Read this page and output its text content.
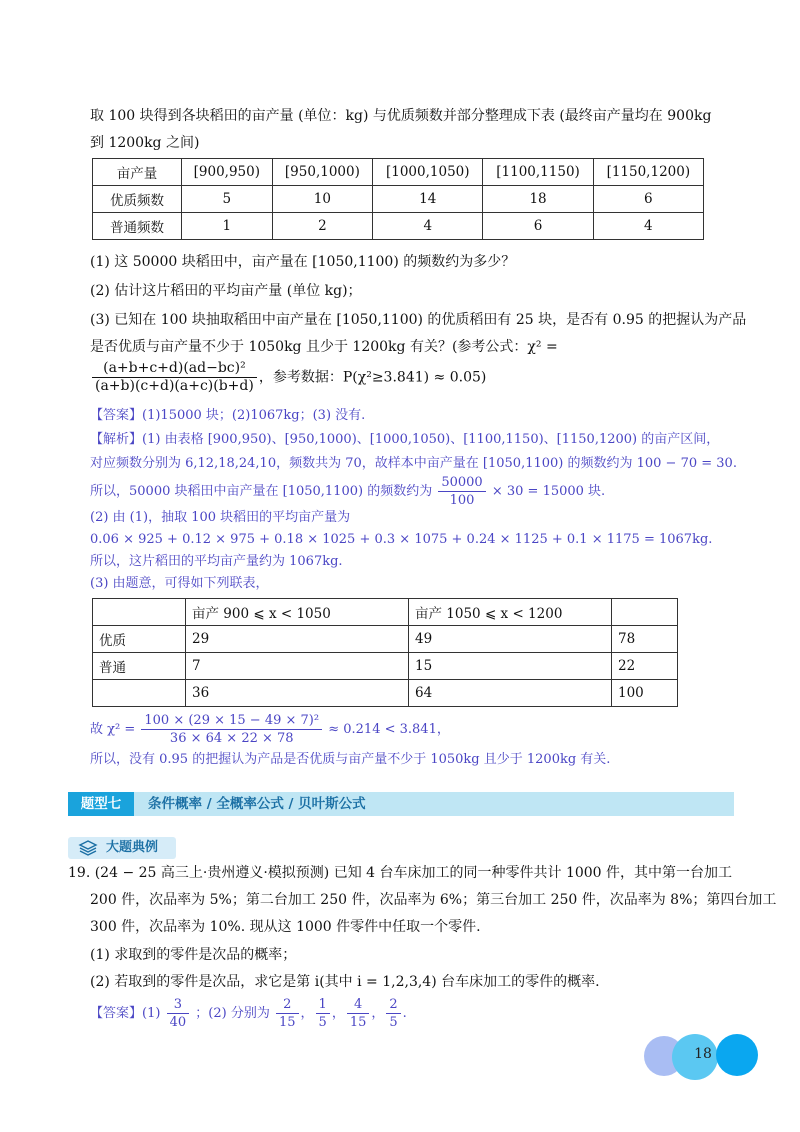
取 100 块得到各块稻田的亩产量 (单位：kg) 与优质频数并部分整理成下表 (最终亩产量均在 900kg
到 1200kg 之间)
亩产量	[900,950)	[950,1000)	[1000,1050)	[1100,1150)	[1150,1200)
优质频数	5	10	14	18	6
普通频数	1	2	4	6	4
(1) 这 50000 块稻田中，亩产量在 [1050,1100) 的频数约为多少？
(2) 估计这片稻田的平均亩产量 (单位 kg)；
(3) 已知在 100 块抽取稻田中亩产量在 [1050,1100) 的优质稻田有 25 块，是否有 0.95 的把握认为产品
是否优质与亩产量不少于 1050kg 且少于 1200kg 有关？(参考公式：χ² =
$\frac{\text{(a+b+c+d)(ad−bc)²}}{(a+b)(c+d)(a+c)(b+d)}$ ，参考数据：P(χ²≥3.841) ≈ 0.05)
【答案】(1)15000 块；(2)1067kg；(3) 没有.
【解析】(1) 由表格 [900,950)、[950,1000)、[1000,1050)、[1100,1150)、[1150,1200) 的亩产区间，
对应频数分别为 6,12,18,24,10，频数共为 70，故样本中亩产量在 [1050,1100) 的频数约为 100 − 70 = 30.
所以，50000 块稻田中亩产量在 [1050,1100) 的频数约为 $\frac{50000}{100} \times 30 = 15000$ 块.
(2) 由 (1)，抽取 100 块稻田的平均亩产量为
0.06 × 925 + 0.12 × 975 + 0.18 × 1025 + 0.3 × 1075 + 0.24 × 1125 + 0.1 × 1175 = 1067kg.
所以，这片稻田的平均亩产量约为 1067kg.
(3) 由题意，可得如下列联表，
	亩产 900 ⩽ x < 1050	亩产 1050 ⩽ x < 1200	
优质	29	49	78
普通	7	15	22
	36	64	100
故 $\chi^2 = \frac{\text{100 × (29 × 15 − 49 × 7)²}}{36 \times 64 \times 22 \times 78} \approx 0.214 < 3.841$，
所以，没有 0.95 的把握认为产品是否优质与亩产量不少于 1050kg 且少于 1200kg 有关.
题型七	条件概率 / 全概率公式 / 贝叶斯公式
大题典例
19. (24 − 25 高三上·贵州遵义·模拟预测) 已知 4 台车床加工的同一种零件共计 1000 件，其中第一台加工
200 件，次品率为 5%；第二台加工 250 件，次品率为 6%；第三台加工 250 件，次品率为 8%；第四台加工
300 件，次品率为 10%. 现从这 1000 件零件中任取一个零件.
(1) 求取到的零件是次品的概率；
(2) 若取到的零件是次品，求它是第 i(其中 i = 1,2,3,4) 台车床加工的零件的概率.
【答案】$(1) \frac{3}{40}$ ；(2) 分别为 $\frac{2}{15}$ ， $\frac{1}{5}$ ， $\frac{4}{15}$ ， $\frac{2}{5}$ .
18
